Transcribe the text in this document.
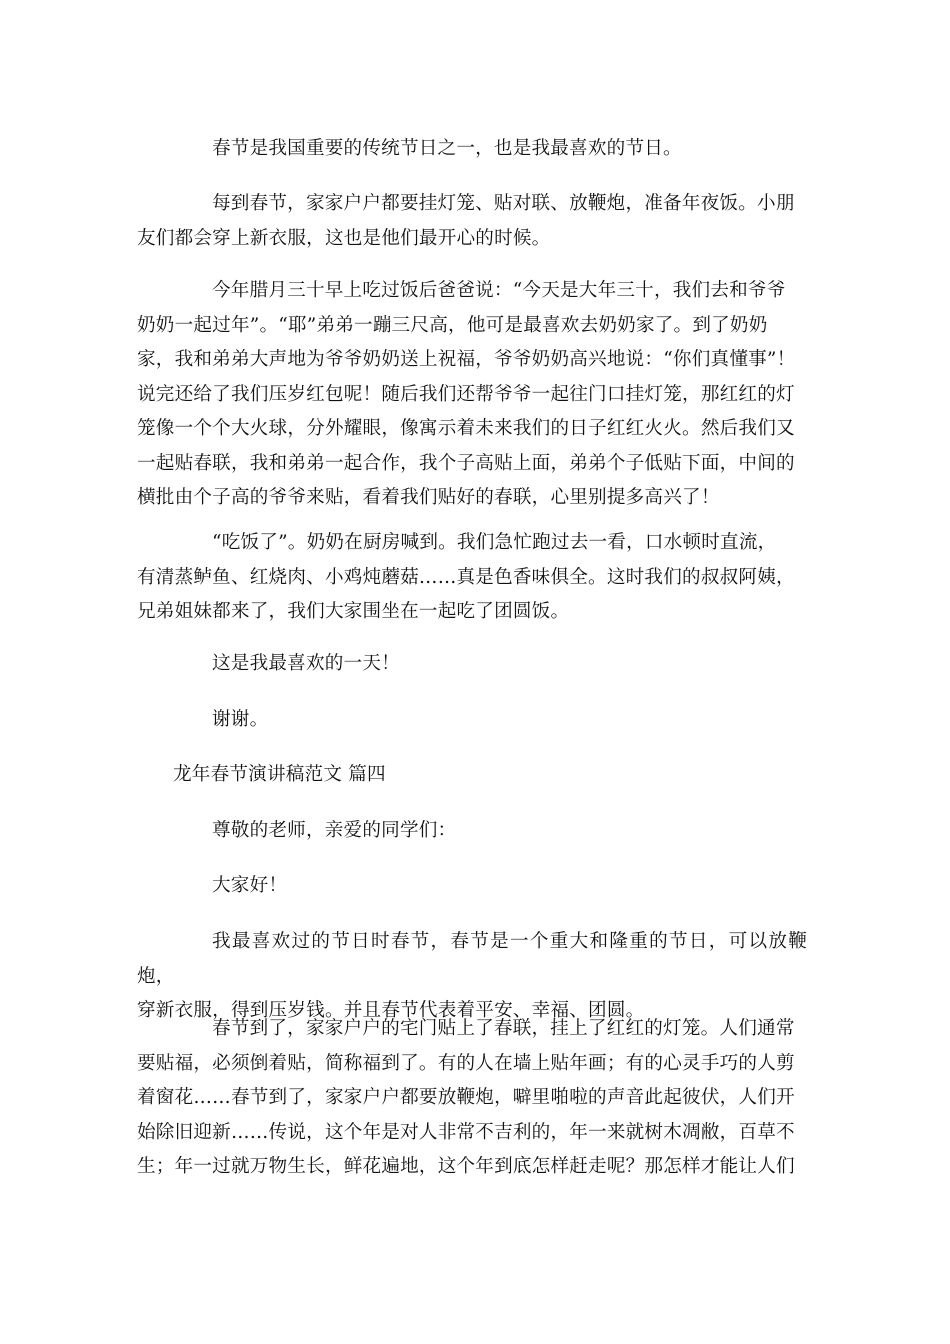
春节是我国重要的传统节日之一，也是我最喜欢的节日。

每到春节，家家户户都要挂灯笼、贴对联、放鞭炮，准备年夜饭。小朋
友们都会穿上新衣服，这也是他们最开心的时候。

今年腊月三十早上吃过饭后爸爸说：“今天是大年三十，我们去和爷爷
奶奶一起过年”。“耶”弟弟一蹦三尺高，他可是最喜欢去奶奶家了。到了奶奶
家，我和弟弟大声地为爷爷奶奶送上祝福，爷爷奶奶高兴地说：“你们真懂事”！
说完还给了我们压岁红包呢！随后我们还帮爷爷一起往门口挂灯笼，那红红的灯
笼像一个个大火球，分外耀眼，像寓示着未来我们的日子红红火火。然后我们又
一起贴春联，我和弟弟一起合作，我个子高贴上面，弟弟个子低贴下面，中间的
横批由个子高的爷爷来贴，看着我们贴好的春联，心里别提多高兴了！

“吃饭了”。奶奶在厨房喊到。我们急忙跑过去一看，口水顿时直流，
有清蒸鲈鱼、红烧肉、小鸡炖蘑菇……真是色香味俱全。这时我们的叔叔阿姨，
兄弟姐妹都来了，我们大家围坐在一起吃了团圆饭。

这是我最喜欢的一天！

谢谢。

龙年春节演讲稿范文 篇四

尊敬的老师，亲爱的同学们：

大家好！

我最喜欢过的节日时春节，春节是一个重大和隆重的节日，可以放鞭炮，
穿新衣服，得到压岁钱。并且春节代表着平安、幸福、团圆。

春节到了，家家户户的宅门贴上了春联，挂上了红红的灯笼。人们通常
要贴福，必须倒着贴，简称福到了。有的人在墙上贴年画；有的心灵手巧的人剪
着窗花……春节到了，家家户户都要放鞭炮，噼里啪啦的声音此起彼伏，人们开
始除旧迎新……传说，这个年是对人非常不吉利的，年一来就树木凋敝，百草不
生；年一过就万物生长，鲜花遍地，这个年到底怎样赶走呢？那怎样才能让人们
